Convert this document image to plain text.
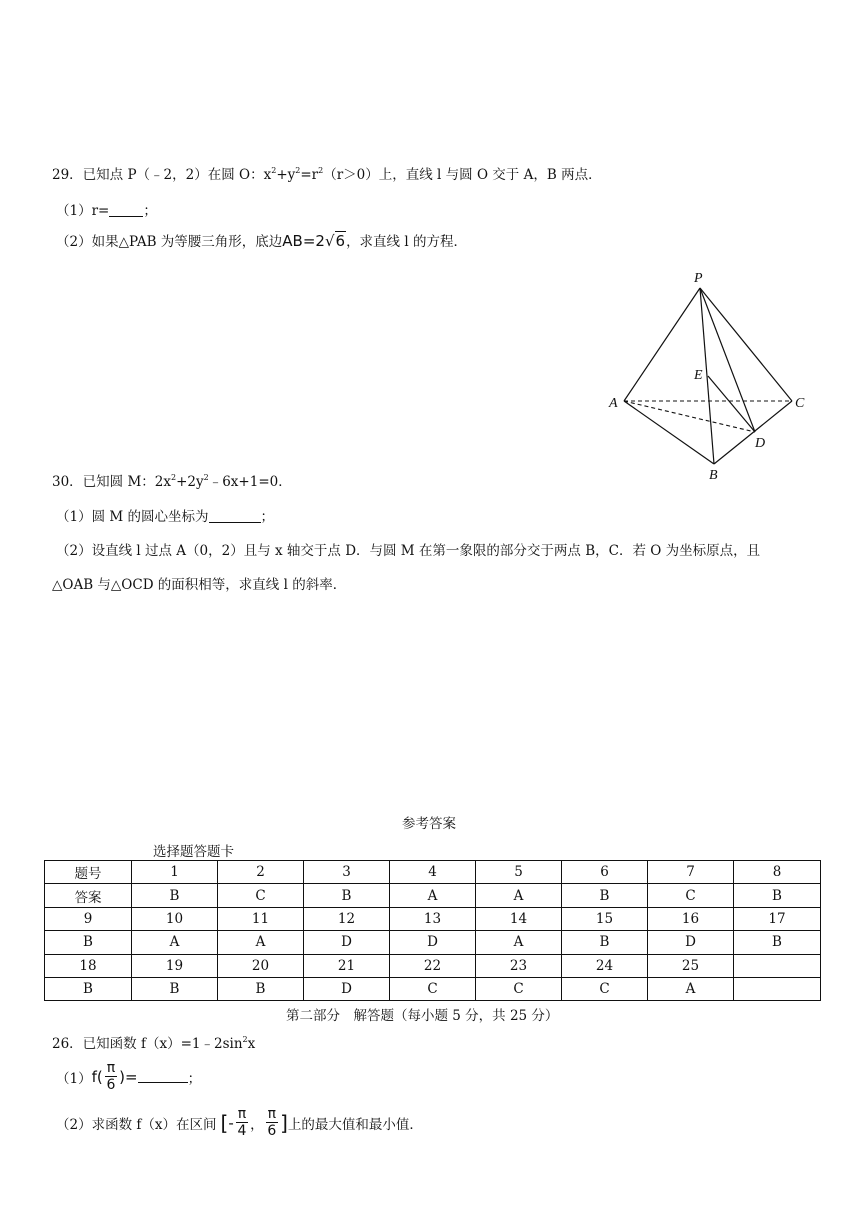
29．已知点 P（﹣2，2）在圆 O：$x^2+y^2=r^2(r>0)$上，直线 l 与圆 O 交于 A，B 两点．
（1）r=	；
（2）如果△PAB 为等腰三角形，底边AB=2√6，求直线 l 的方程．
P
E
A	C
D
B
30．已知圆 M：$2x^2+2y^2﹣6x+1=0$．
（1）圆 M 的圆心坐标为	；
（2）设直线 l 过点 A（0，2）且与 x 轴交于点 D．与圆 M 在第一象限的部分交于两点 B，C．若 O 为坐标原点，且
△OAB 与△OCD 的面积相等，求直线 l 的斜率．
参考答案
选择题答题卡
题号	1	2	3	4	5	6	7	8
答案	B	C	B	A	A	B	C	B
9	10	11	12	13	14	15	16	17
B	A	A	D	D	A	B	D	B
18	19	20	21	22	23	24	25	
B	B	B	D	C	C	C	A	
第二部分　解答题（每小题 5 分，共 25 分）
26．已知函数 $f(x)=1﹣2\sin^2x$
（1） $f( \frac{\pi}{6}$ )=	；
（2）求函数 f（x）在区间 [ - $\frac{\pi}{4}$ ， $\frac{\pi}{6}$ ] 上的最大值和最小值．
